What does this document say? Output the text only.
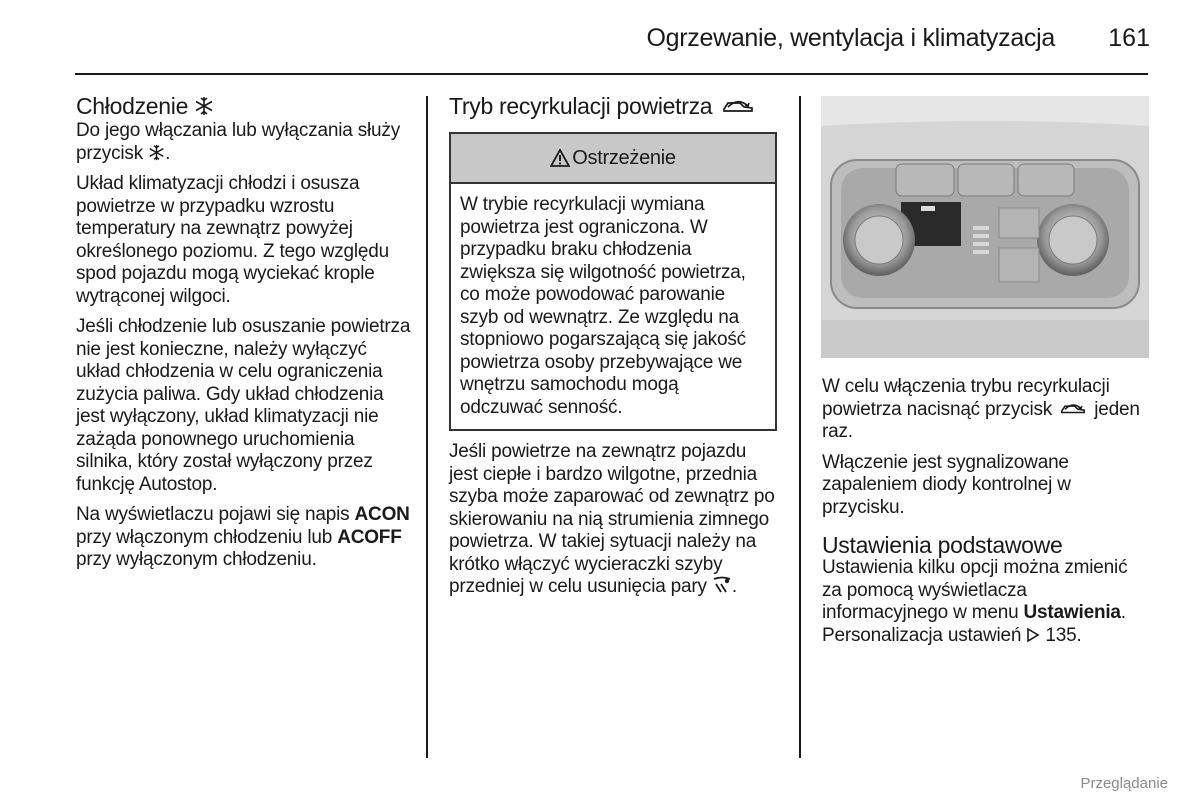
Ogrzewanie, wentylacja i klimatyzacja 161
Chłodzenie

Do jego włączania lub wyłączania służy przycisk .

Układ klimatyzacji chłodzi i osusza powietrze w przypadku wzrostu temperatury na zewnątrz powyżej określonego poziomu. Z tego względu spod pojazdu mogą wyciekać krople wytrąconej wilgoci.

Jeśli chłodzenie lub osuszanie powietrza nie jest konieczne, należy wyłączyć układ chłodzenia w celu ograniczenia zużycia paliwa. Gdy układ chłodzenia jest wyłączony, układ klimatyzacji nie zażąda ponownego uruchomienia silnika, który został wyłączony przez funkcję Autostop.

Na wyświetlaczu pojawi się napis ACON przy włączonym chłodzeniu lub ACOFF przy wyłączonym chłodzeniu.

Tryb recyrkulacji powietrza
Ostrzeżenie
W trybie recyrkulacji wymiana powietrza jest ograniczona. W przypadku braku chłodzenia zwiększa się wilgotność powietrza, co może powodować parowanie szyb od wewnątrz. Ze względu na stopniowo pogarszającą się jakość powietrza osoby przebywające we wnętrzu samochodu mogą odczuwać senność.

Jeśli powietrze na zewnątrz pojazdu jest ciepłe i bardzo wilgotne, przednia szyba może zaparować od zewnątrz po skierowaniu na nią strumienia zimnego powietrza. W takiej sytuacji należy na krótko włączyć wycieraczki szyby przedniej w celu usunięcia pary .

W celu włączenia trybu recyrkulacji powietrza nacisnąć przycisk  jeden raz.

Włączenie jest sygnalizowane zapaleniem diody kontrolnej w przycisku.

Ustawienia podstawowe

Ustawienia kilku opcji można zmienić za pomocą wyświetlacza informacyjnego w menu Ustawienia.
Personalizacja ustawień  135.

Przeglądanie
